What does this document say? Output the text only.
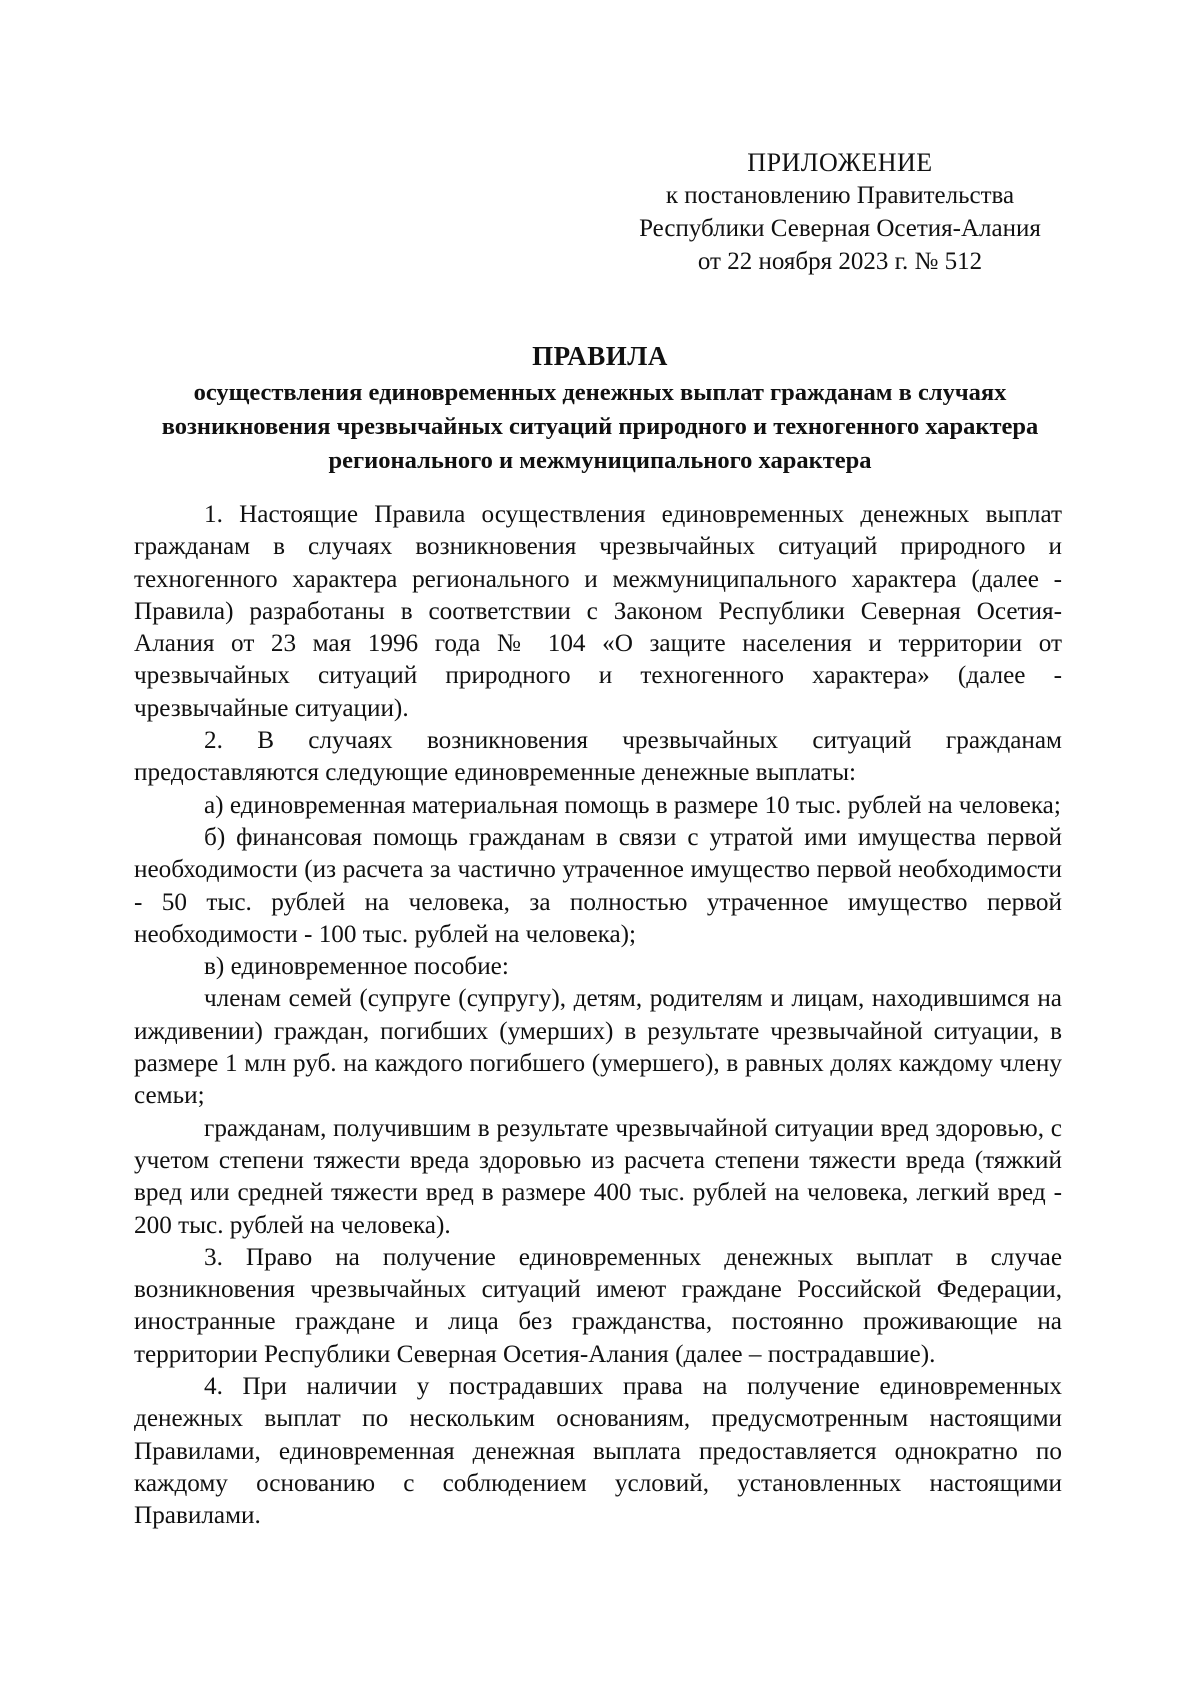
ПРИЛОЖЕНИЕ
к постановлению Правительства
Республики Северная Осетия-Алания
от 22 ноября 2023 г. № 512
ПРАВИЛА
осуществления единовременных денежных выплат гражданам в случаях возникновения чрезвычайных ситуаций природного и техногенного характера регионального и межмуниципального характера

1. Настоящие Правила осуществления единовременных денежных выплат гражданам в случаях возникновения чрезвычайных ситуаций природного и техногенного характера регионального и межмуниципального характера (далее - Правила) разработаны в соответствии с Законом Республики Северная Осетия-Алания от 23 мая 1996 года № 104 «О защите населения и территории от чрезвычайных ситуаций природного и техногенного характера» (далее - чрезвычайные ситуации).

2. В случаях возникновения чрезвычайных ситуаций гражданам предоставляются следующие единовременные денежные выплаты:

а) единовременная материальная помощь в размере 10 тыс. рублей на человека;

б) финансовая помощь гражданам в связи с утратой ими имущества первой необходимости (из расчета за частично утраченное имущество первой необходимости - 50 тыс. рублей на человека, за полностью утраченное имущество первой необходимости - 100 тыс. рублей на человека);

в) единовременное пособие:

членам семей (супруге (супругу), детям, родителям и лицам, находившимся на иждивении) граждан, погибших (умерших) в результате чрезвычайной ситуации, в размере 1 млн руб. на каждого погибшего (умершего), в равных долях каждому члену семьи;

гражданам, получившим в результате чрезвычайной ситуации вред здоровью, с учетом степени тяжести вреда здоровью из расчета степени тяжести вреда (тяжкий вред или средней тяжести вред в размере 400 тыс. рублей на человека, легкий вред - 200 тыс. рублей на человека).

3. Право на получение единовременных денежных выплат в случае возникновения чрезвычайных ситуаций имеют граждане Российской Федерации, иностранные граждане и лица без гражданства, постоянно проживающие на территории Республики Северная Осетия-Алания (далее – пострадавшие).

4. При наличии у пострадавших права на получение единовременных денежных выплат по нескольким основаниям, предусмотренным настоящими Правилами, единовременная денежная выплата предоставляется однократно по каждому основанию с соблюдением условий, установленных настоящими Правилами.
